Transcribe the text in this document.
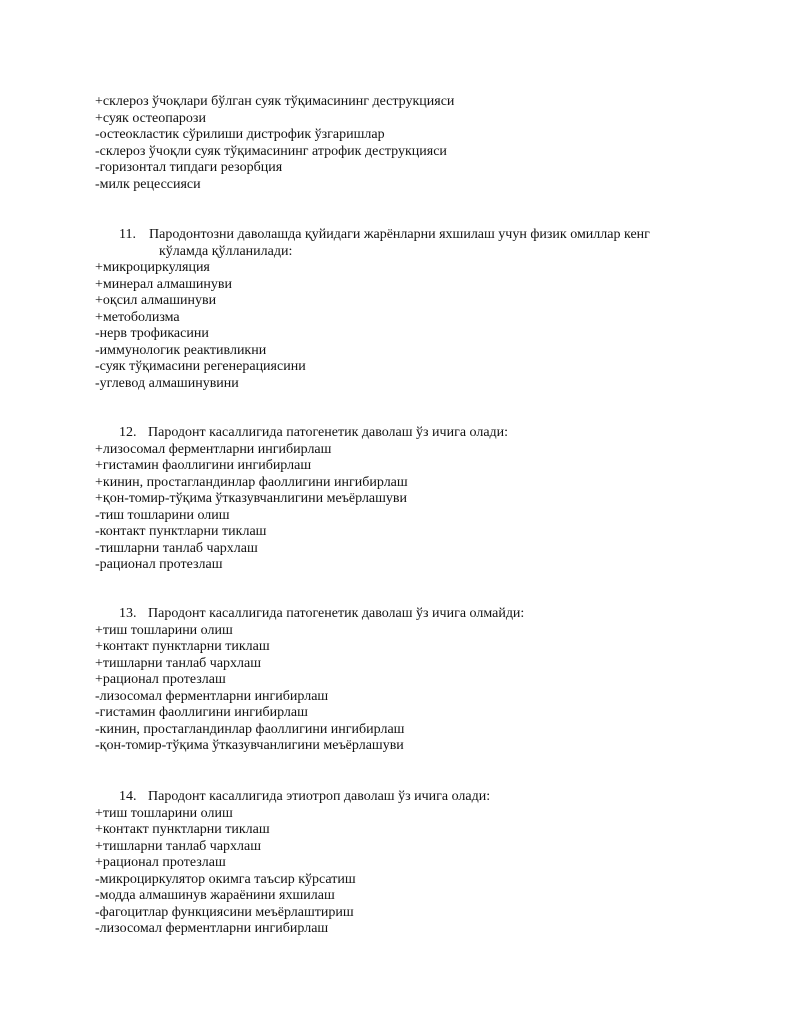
+склероз ўчоқлари бўлган суяк тўқимасининг деструкцияси
+суяк остеопарози
-остеокластик сўрилиши дистрофик ўзгаришлар
-склероз ўчоқли суяк тўқимасининг атрофик деструкцияси
-горизонтал типдаги резорбция
-милк рецессияси
11. Пародонтозни даволашда қуйидаги жарёнларни яхшилаш учун физик омиллар кенг
кўламда қўлланилади:
+микроциркуляция
+минерал алмашинуви
+оқсил алмашинуви
+метоболизма
-нерв трофикасини
-иммунологик реактивликни
-суяк тўқимасини регенерациясини
-углевод алмашинувини
12. Пародонт касаллигида патогенетик даволаш ўз ичига олади:
+лизосомал ферментларни ингибирлаш
+гистамин фаоллигини ингибирлаш
+кинин, простагландинлар фаоллигини ингибирлаш
+қон-томир-тўқима ўтказувчанлигини меъёрлашуви
-тиш тошларини олиш
-контакт пунктларни тиклаш
-тишларни танлаб чархлаш
-рационал протезлаш
13. Пародонт касаллигида патогенетик даволаш ўз ичига олмайди:
+тиш тошларини олиш
+контакт пунктларни тиклаш
+тишларни танлаб чархлаш
+рационал протезлаш
-лизосомал ферментларни ингибирлаш
-гистамин фаоллигини ингибирлаш
-кинин, простагландинлар фаоллигини ингибирлаш
-қон-томир-тўқима ўтказувчанлигини меъёрлашуви
14. Пародонт касаллигида этиотроп даволаш ўз ичига олади:
+тиш тошларини олиш
+контакт пунктларни тиклаш
+тишларни танлаб чархлаш
+рационал протезлаш
-микроциркулятор окимга таъсир кўрсатиш
-модда алмашинув жараёнини яхшилаш
-фагоцитлар функциясини меъёрлаштириш
-лизосомал ферментларни ингибирлаш
